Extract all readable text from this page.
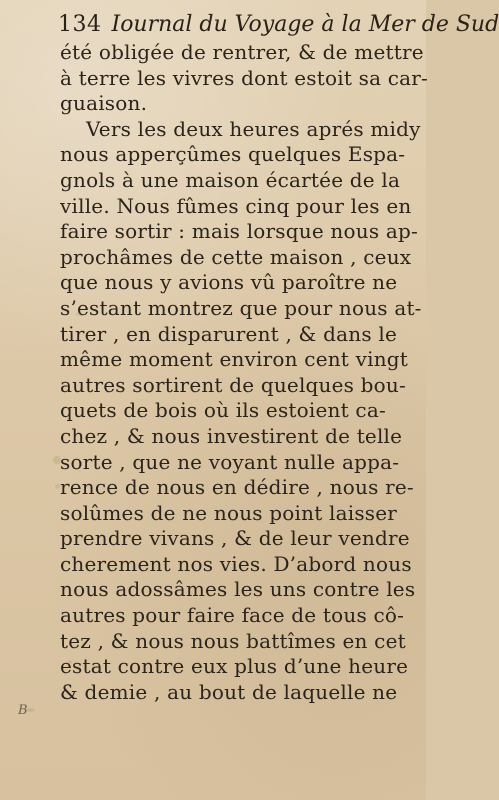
134 Iournal du Voyage à la Mer de Sud
été obligée de rentrer, & de mettre
à terre les vivres dont estoit sa car-
guaison.
Vers les deux heures aprés midy
nous apperçûmes quelques Espa-
gnols à une maison écartée de la
ville. Nous fûmes cinq pour les en
faire sortir : mais lorsque nous ap-
prochâmes de cette maison , ceux
que nous y avions vû paroître ne
s’estant montrez que pour nous at-
tirer , en disparurent , & dans le
même moment environ cent vingt
autres sortirent de quelques bou-
quets de bois où ils estoient ca-
chez , & nous investirent de telle
sorte , que ne voyant nulle appa-
rence de nous en dédire , nous re-
solûmes de ne nous point laisser
prendre vivans , & de leur vendre
cherement nos vies. D’abord nous
nous adossâmes les uns contre les
autres pour faire face de tous cô-
tez , & nous nous battîmes en cet
estat contre eux plus d’une heure
& demie , au bout de laquelle ne
B
